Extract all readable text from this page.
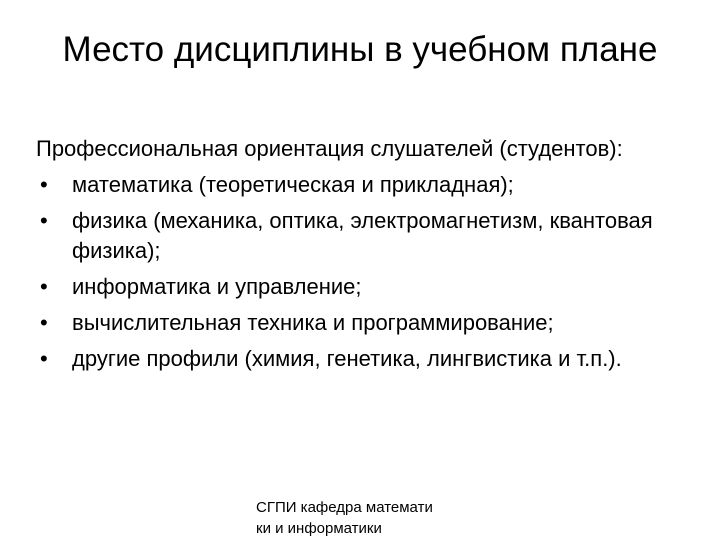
Место дисциплины в учебном плане

Профессиональная ориентация слушателей (студентов):

• математика (теоретическая и прикладная);
• физика (механика, оптика, электромагнетизм, квантовая физика);
• информатика и управление;
• вычислительная техника и программирование;
• другие профили (химия, генетика, лингвистика и т.п.).
СГПИ кафедра математи
ки и информатики
